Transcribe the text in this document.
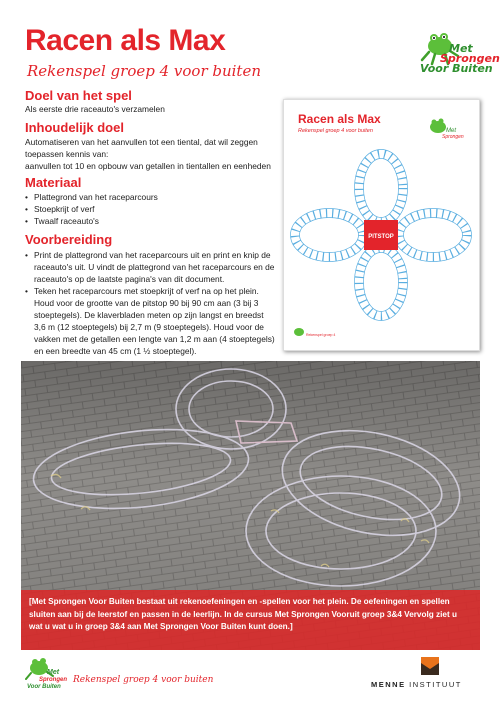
Racen als Max
Rekenspel groep 4 voor buiten
Met
Sprongen
Voor Buiten
Doel van het spel
Als eerste drie raceauto's verzamelen
Inhoudelijk doel
Automatiseren van het aanvullen tot een tiental, dat wil zeggen
toepassen kennis van:
aanvullen tot 10 en opbouw van getallen in tientallen en eenheden
Materiaal
• Plattegrond van het raceparcours
• Stoepkrijt of verf
• Twaalf raceauto's
Voorbereiding
• Print de plattegrond van het raceparcours uit en print en knip de raceauto's uit. U vindt de plattegrond van het raceparcours en de raceauto's op de laatste pagina's van dit document.
• Teken het raceparcours met stoepkrijt of verf na op het plein. Houd voor de grootte van de pitstop 90 bij 90 cm aan (3 bij 3 stoeptegels). De klaverbladen meten op zijn langst en breedst 3,6 m (12 stoeptegels) bij 2,7 m (9 stoeptegels). Houd voor de vakken met de getallen een lengte van 1,2 m aan (4 stoeptegels) en een breedte van 45 cm (1 ½ stoeptegel).
Racen als Max
Rekenspel groep 4 voor buiten	Met
Sprongen
PITSTOP
Rekenspel groep 4
[Met Sprongen Voor Buiten bestaat uit rekenoefeningen en -spellen voor het plein. De oefeningen en spellen sluiten aan bij de leerstof en passen in de leerlijn. In de cursus Met Sprongen Vooruit groep 3&4 Vervolg ziet u wat u wat u in groep 3&4 aan Met Sprongen Voor Buiten kunt doen.]
Met
Sprongen
Voor Buiten
Rekenspel groep 4 voor buiten	MENNE INSTITUUT
